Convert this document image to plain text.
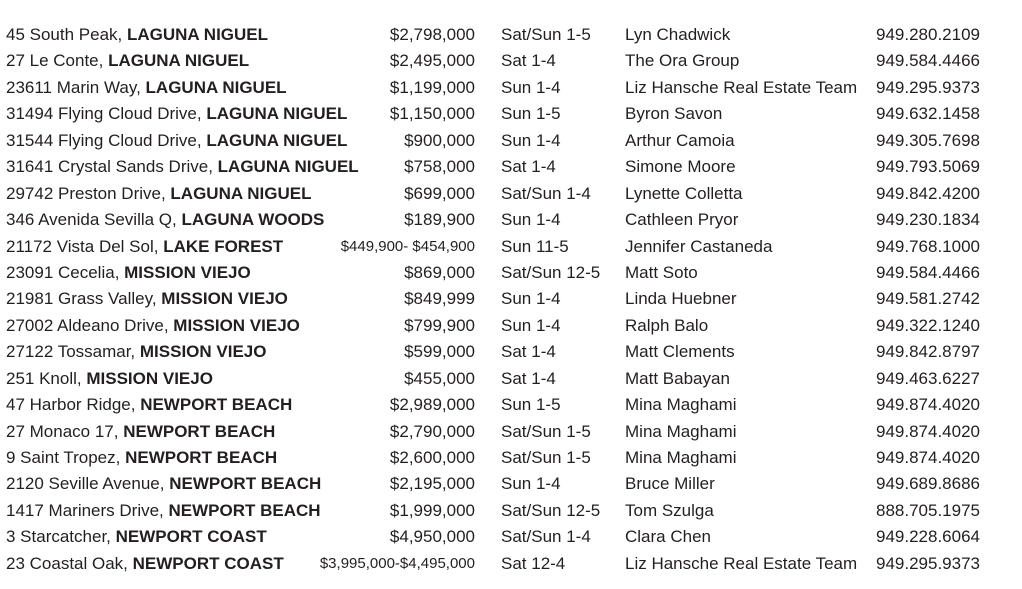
45 South Peak, LAGUNA NIGUEL	$2,798,000 Sat/Sun 1-5 Lyn Chadwick	949.280.2109
27 Le Conte, LAGUNA NIGUEL	$2,495,000 Sat 1-4	The Ora Group	949.584.4466
23611 Marin Way, LAGUNA NIGUEL	$1,199,000 Sun 1-4	Liz Hansche Real Estate Team 949.295.9373
31494 Flying Cloud Drive, LAGUNA NIGUEL	$1,150,000 Sun 1-5	Byron Savon	949.632.1458
31544 Flying Cloud Drive, LAGUNA NIGUEL	$900,000 Sun 1-4	Arthur Camoia	949.305.7698
31641 Crystal Sands Drive, LAGUNA NIGUEL	$758,000 Sat 1-4	Simone Moore	949.793.5069
29742 Preston Drive, LAGUNA NIGUEL	$699,000 Sat/Sun 1-4 Lynette Colletta	949.842.4200
346 Avenida Sevilla Q, LAGUNA WOODS	$189,900 Sun 1-4	Cathleen Pryor	949.230.1834
21172 Vista Del Sol, LAKE FOREST	$449,900- $454,900 Sun 11-5	Jennifer Castaneda	949.768.1000
23091 Cecelia, MISSION VIEJO	$869,000 Sat/Sun 12-5 Matt Soto	949.584.4466
21981 Grass Valley, MISSION VIEJO	$849,999 Sun 1-4	Linda Huebner	949.581.2742
27002 Aldeano Drive, MISSION VIEJO	$799,900 Sun 1-4	Ralph Balo	949.322.1240
27122 Tossamar, MISSION VIEJO	$599,000 Sat 1-4	Matt Clements	949.842.8797
251 Knoll, MISSION VIEJO	$455,000 Sat 1-4	Matt Babayan	949.463.6227
47 Harbor Ridge, NEWPORT BEACH	$2,989,000 Sun 1-5	Mina Maghami	949.874.4020
27 Monaco 17, NEWPORT BEACH	$2,790,000 Sat/Sun 1-5 Mina Maghami	949.874.4020
9 Saint Tropez, NEWPORT BEACH	$2,600,000 Sat/Sun 1-5 Mina Maghami	949.874.4020
2120 Seville Avenue, NEWPORT BEACH	$2,195,000 Sun 1-4	Bruce Miller	949.689.8686
1417 Mariners Drive, NEWPORT BEACH	$1,999,000 Sat/Sun 12-5 Tom Szulga	888.705.1975
3 Starcatcher, NEWPORT COAST	$4,950,000 Sat/Sun 1-4 Clara Chen	949.228.6064
23 Coastal Oak, NEWPORT COAST $3,995,000-$4,495,000 Sat 12-4	Liz Hansche Real Estate Team 949.295.9373
